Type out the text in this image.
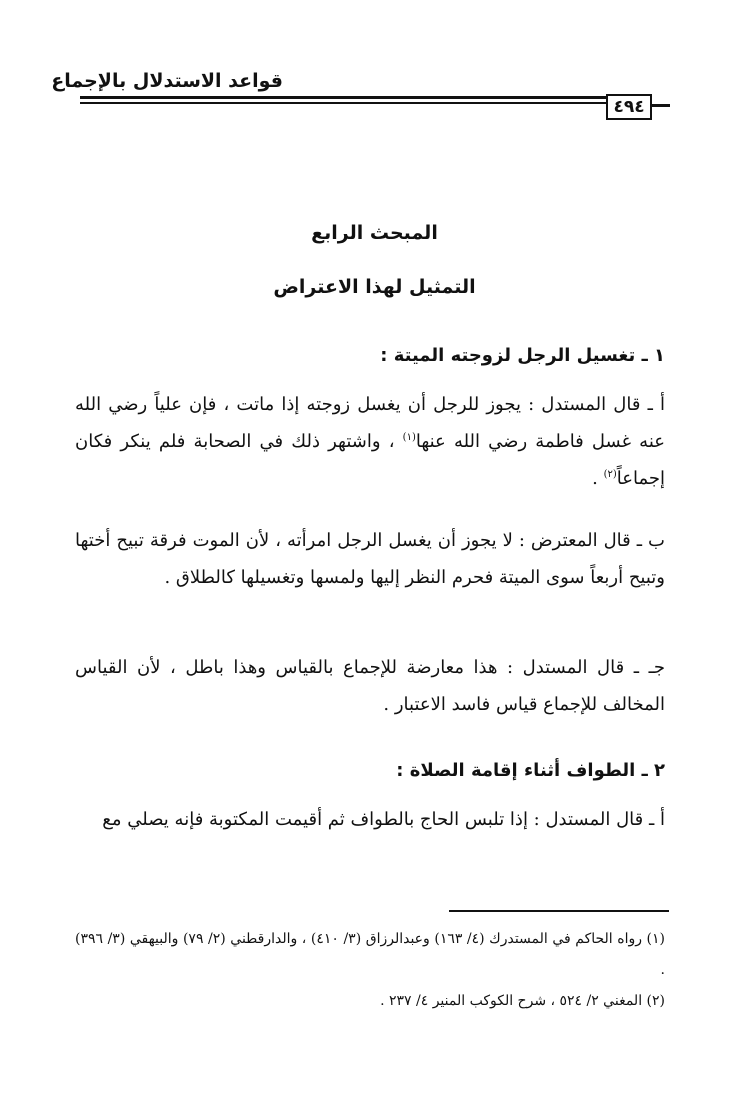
قواعد الاستدلال بالإجماع
٤٩٤
المبحث الرابع
التمثيل لهذا الاعتراض
١ ـ تغسيل الرجل لزوجته الميتة :
أ ـ قال المستدل : يجوز للرجل أن يغسل زوجته إذا ماتت ، فإن علياً رضي الله عنه غسل فاطمة رضي الله عنها$^{(١)}$ ، واشتهر ذلك في الصحابة فلم ينكر فكان إجماعاً$^{(٢)}$ .
ب ـ قال المعترض : لا يجوز أن يغسل الرجل امرأته ، لأن الموت فرقة تبيح أختها وتبيح أربعاً سوى الميتة فحرم النظر إليها ولمسها وتغسيلها كالطلاق .
جـ ـ قال المستدل : هذا معارضة للإجماع بالقياس وهذا باطل ، لأن القياس المخالف للإجماع قياس فاسد الاعتبار .
٢ ـ الطواف أثناء إقامة الصلاة :
أ ـ قال المستدل : إذا تلبس الحاج بالطواف ثم أقيمت المكتوبة فإنه يصلي مع
(١) رواه الحاكم في المستدرك (٤/ ١٦٣) وعبدالرزاق (٣/ ٤١٠) ، والدارقطني (٢/ ٧٩) والبيهقي (٣/ ٣٩٦) .
(٢) المغني ٢/ ٥٢٤ ، شرح الكوكب المنير ٤/ ٢٣٧ .
